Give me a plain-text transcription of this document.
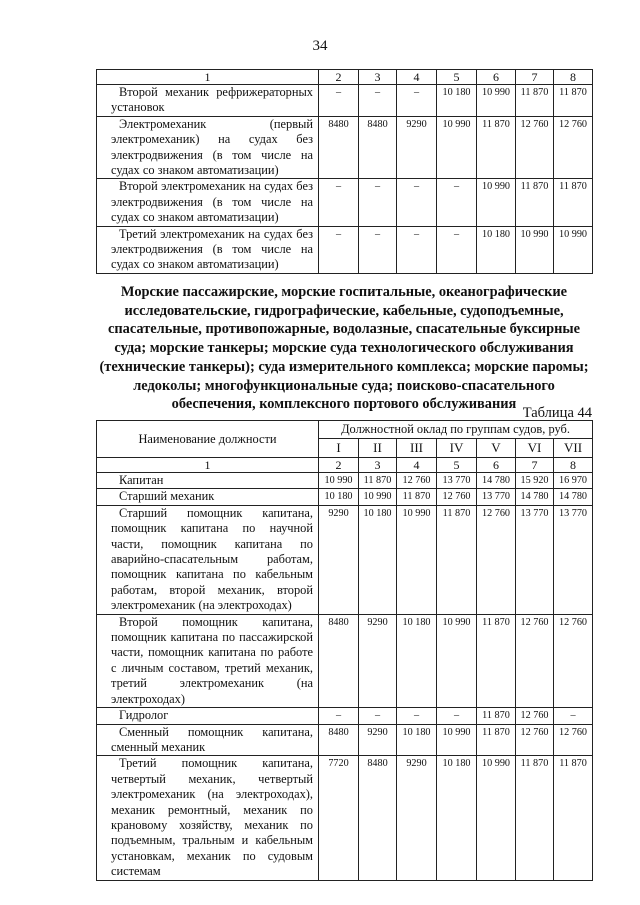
34
1	2	3	4	5	6	7	8

Второй механик рефрижераторных установок	–	–	–	10 180	10 990	11 870	11 870

Электромеханик (первый электромеханик) на судах без электродвижения (в том числе на судах со знаком автоматизации)	8480	8480	9290	10 990	11 870	12 760	12 760

Второй электромеханик на судах без электродвижения (в том числе на судах со знаком автоматизации)	–	–	–	–	10 990	11 870	11 870

Третий электромеханик на судах без электродвижения (в том числе на судах со знаком автоматизации)	–	–	–	–	10 180	10 990	10 990
Морские пассажирские, морские госпитальные, океанографические исследовательские, гидрографические, кабельные, судоподъемные, спасательные, противопожарные, водолазные, спасательные буксирные суда; морские танкеры; морские суда технологического обслуживания (технические танкеры); суда измерительного комплекса; морские паромы; ледоколы; многофункциональные суда; поисково-спасательного обеспечения, комплексного портового обслуживания
Таблица 44
Наименование должности	Должностной оклад по группам судов, руб.						
	I	II	III	IV	V	VI	VII
1	2	3	4	5	6	7	8

Капитан	10 990	11 870	12 760	13 770	14 780	15 920	16 970

Старший механик	10 180	10 990	11 870	12 760	13 770	14 780	14 780

Старший помощник капитана, помощник капитана по научной части, помощник капитана по аварийно-спасательным работам, помощник капитана по кабельным работам, второй механик, второй электромеханик (на электроходах)	9290	10 180	10 990	11 870	12 760	13 770	13 770

Второй помощник капитана, помощник капитана по пассажирской части, помощник капитана по работе с личным составом, третий механик, третий электромеханик (на электроходах)	8480	9290	10 180	10 990	11 870	12 760	12 760

Гидролог	–	–	–	–	11 870	12 760	–

Сменный помощник капитана, сменный механик	8480	9290	10 180	10 990	11 870	12 760	12 760

Третий помощник капитана, четвертый механик, четвертый электромеханик (на электроходах), механик ремонтный, механик по крановому хозяйству, механик по подъемным, тральным и кабельным установкам, механик по судовым системам	7720	8480	9290	10 180	10 990	11 870	11 870
